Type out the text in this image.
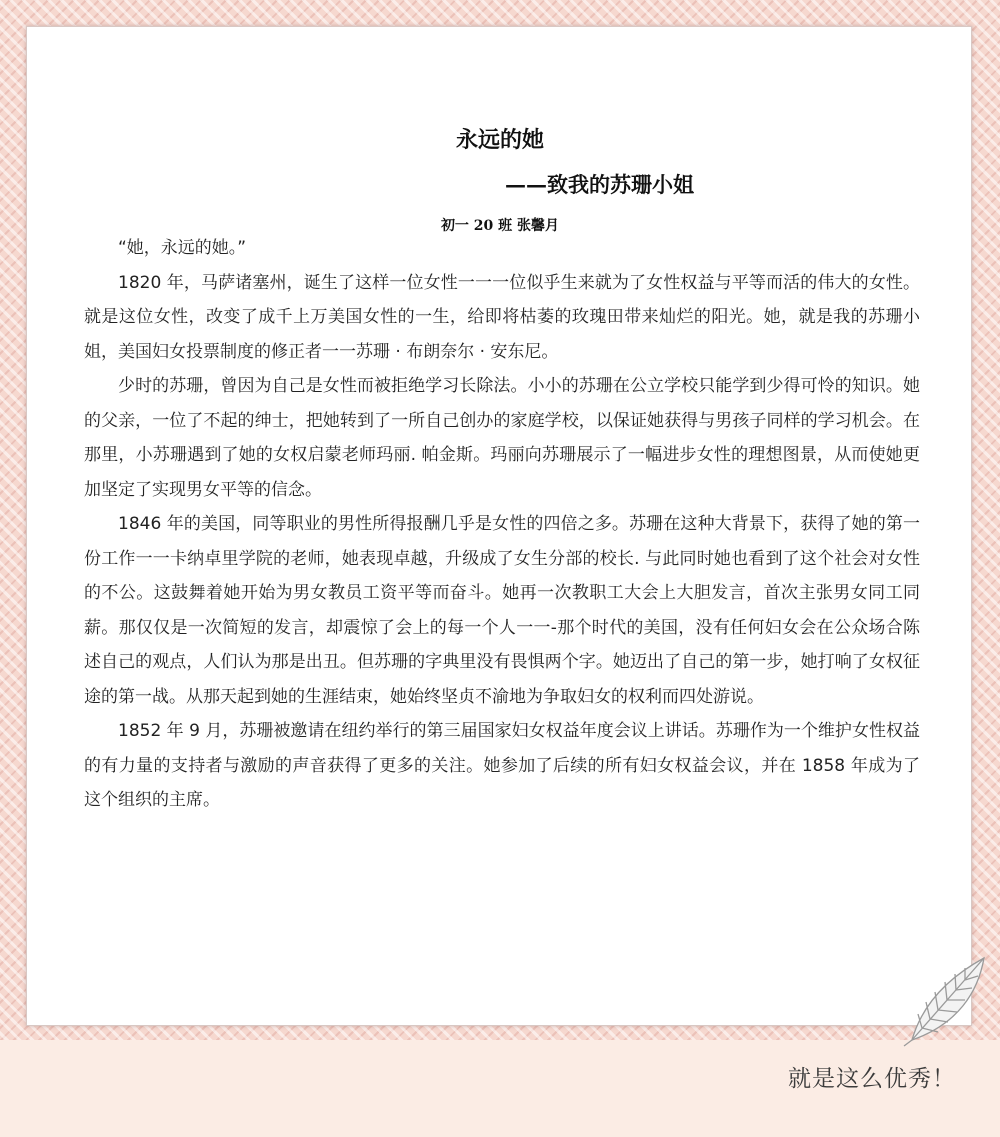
永远的她
——致我的苏珊小姐
初一 20 班 张馨月

“她，永远的她。”

1820 年，马萨诸塞州，诞生了这样一位女性一一一位似乎生来就为了女性权益与平等而活的伟大的女性。就是这位女性，改变了成千上万美国女性的一生，给即将枯萎的玫瑰田带来灿烂的阳光。她，就是我的苏珊小姐，美国妇女投票制度的修正者一一苏珊 · 布朗奈尔 · 安东尼。

少时的苏珊，曾因为自己是女性而被拒绝学习长除法。小小的苏珊在公立学校只能学到少得可怜的知识。她的父亲，一位了不起的绅士，把她转到了一所自己创办的家庭学校，以保证她获得与男孩子同样的学习机会。在那里，小苏珊遇到了她的女权启蒙老师玛丽. 帕金斯。玛丽向苏珊展示了一幅进步女性的理想图景，从而使她更加坚定了实现男女平等的信念。

1846 年的美国，同等职业的男性所得报酬几乎是女性的四倍之多。苏珊在这种大背景下，获得了她的第一份工作一一卡纳卓里学院的老师，她表现卓越，升级成了女生分部的校长. 与此同时她也看到了这个社会对女性的不公。这鼓舞着她开始为男女教员工资平等而奋斗。她再一次教职工大会上大胆发言，首次主张男女同工同薪。那仅仅是一次简短的发言，却震惊了会上的每一个人一一-那个时代的美国，没有任何妇女会在公众场合陈述自己的观点，人们认为那是出丑。但苏珊的字典里没有畏惧两个字。她迈出了自己的第一步，她打响了女权征途的第一战。从那天起到她的生涯结束，她始终坚贞不渝地为争取妇女的权利而四处游说。

1852 年 9 月，苏珊被邀请在纽约举行的第三届国家妇女权益年度会议上讲话。苏珊作为一个维护女性权益的有力量的支持者与激励的声音获得了更多的关注。她参加了后续的所有妇女权益会议，并在 1858 年成为了这个组织的主席。

就是这么优秀！
